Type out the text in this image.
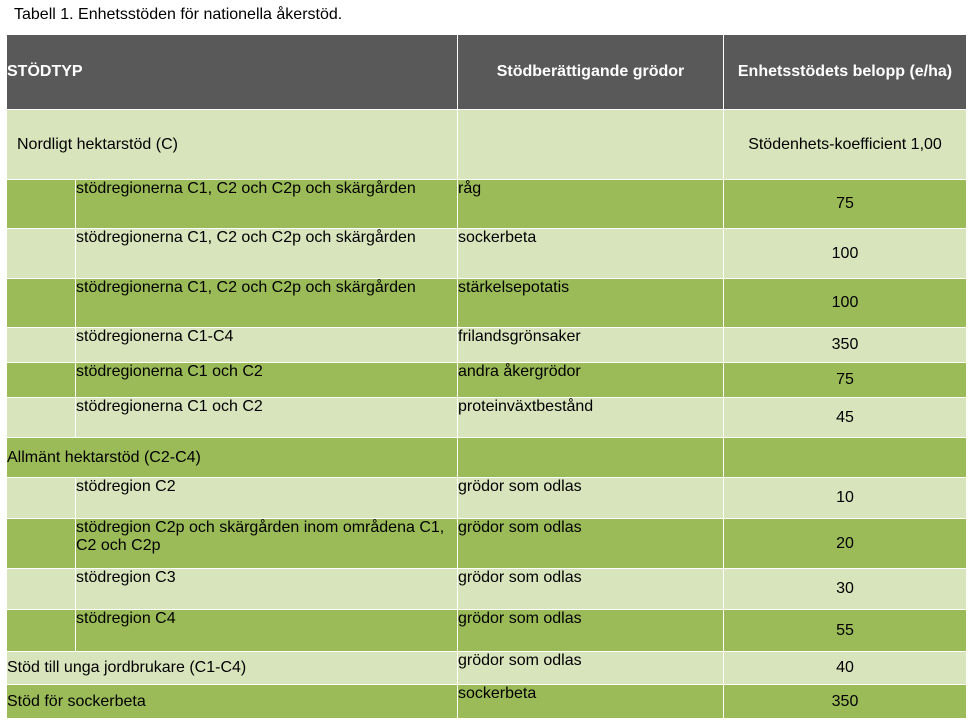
Tabell 1. Enhetsstöden för nationella åkerstöd.
STÖDTYP		Stödberättigande grödor	Enhetsstödets belopp (e/ha)
Nordligt hektarstöd (C)			Stödenhets-koefficient 1,00
	stödregionerna C1, C2 och C2p och skärgården	råg	75
	stödregionerna C1, C2 och C2p och skärgården	sockerbeta	100
	stödregionerna C1, C2 och C2p och skärgården	stärkelsepotatis	100
	stödregionerna C1-C4	frilandsgrönsaker	350
	stödregionerna C1 och C2	andra åkergrödor	75
	stödregionerna C1 och C2	proteinväxtbestånd	45
Allmänt hektarstöd (C2-C4)			
	stödregion C2	grödor som odlas	10
	stödregion C2p och skärgården inom områdena C1, C2 och C2p	grödor som odlas	20
	stödregion C3	grödor som odlas	30
	stödregion C4	grödor som odlas	55
Stöd till unga jordbrukare (C1-C4)		grödor som odlas	40
Stöd för sockerbeta		sockerbeta	350
